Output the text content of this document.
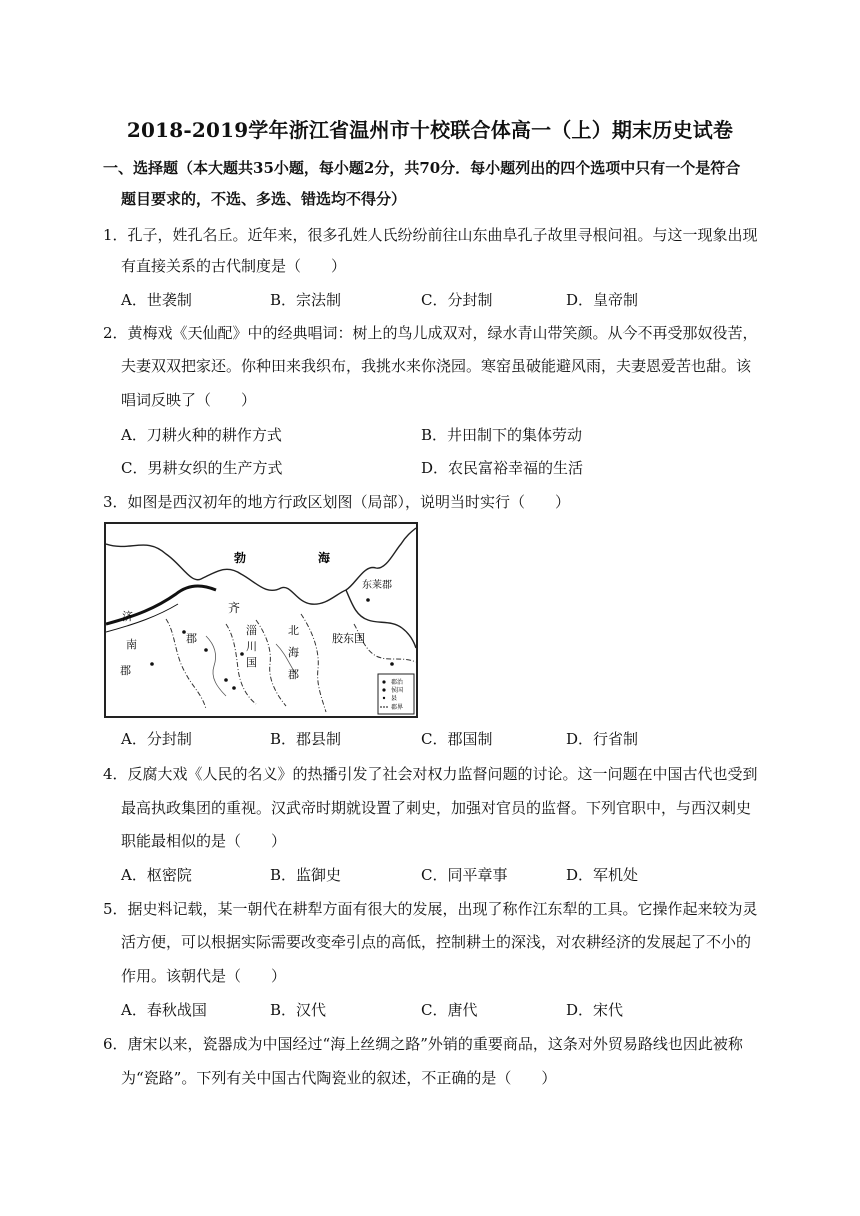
2018-2019学年浙江省温州市十校联合体高一（上）期末历史试卷
一、选择题（本大题共35小题，每小题2分，共70分．每小题列出的四个选项中只有一个是符合
题目要求的，不选、多选、错选均不得分）
1．孔子，姓孔名丘。近年来，很多孔姓人氏纷纷前往山东曲阜孔子故里寻根问祖。与这一现象出现
有直接关系的古代制度是（　　）
A．世袭制	B．宗法制	C．分封制	D．皇帝制
2．黄梅戏《天仙配》中的经典唱词：树上的鸟儿成双对，绿水青山带笑颜。从今不再受那奴役苦，
夫妻双双把家还。你种田来我织布，我挑水来你浇园。寒窑虽破能避风雨，夫妻恩爱苦也甜。该
唱词反映了（　　）
A．刀耕火种的耕作方式	B．井田制下的集体劳动
C．男耕女织的生产方式	D．农民富裕幸福的生活
3．如图是西汉初年的地方行政区划图（局部），说明当时实行（　　）
勃	海
齐
济
南
郡
郡
淄
川
国
北
海
郡
东莱郡
胶东国
郡治
侯国
县
郡界
A．分封制	B．郡县制	C．郡国制	D．行省制
4．反腐大戏《人民的名义》的热播引发了社会对权力监督问题的讨论。这一问题在中国古代也受到
最高执政集团的重视。汉武帝时期就设置了刺史，加强对官员的监督。下列官职中，与西汉刺史
职能最相似的是（　　）
A．枢密院	B．监御史	C．同平章事	D．军机处
5．据史料记载，某一朝代在耕犁方面有很大的发展，出现了称作江东犁的工具。它操作起来较为灵
活方便，可以根据实际需要改变牵引点的高低，控制耕土的深浅，对农耕经济的发展起了不小的
作用。该朝代是（　　）
A．春秋战国	B．汉代	C．唐代	D．宋代
6．唐宋以来，瓷器成为中国经过“海上丝绸之路”外销的重要商品，这条对外贸易路线也因此被称
为“瓷路”。下列有关中国古代陶瓷业的叙述，不正确的是（　　）
